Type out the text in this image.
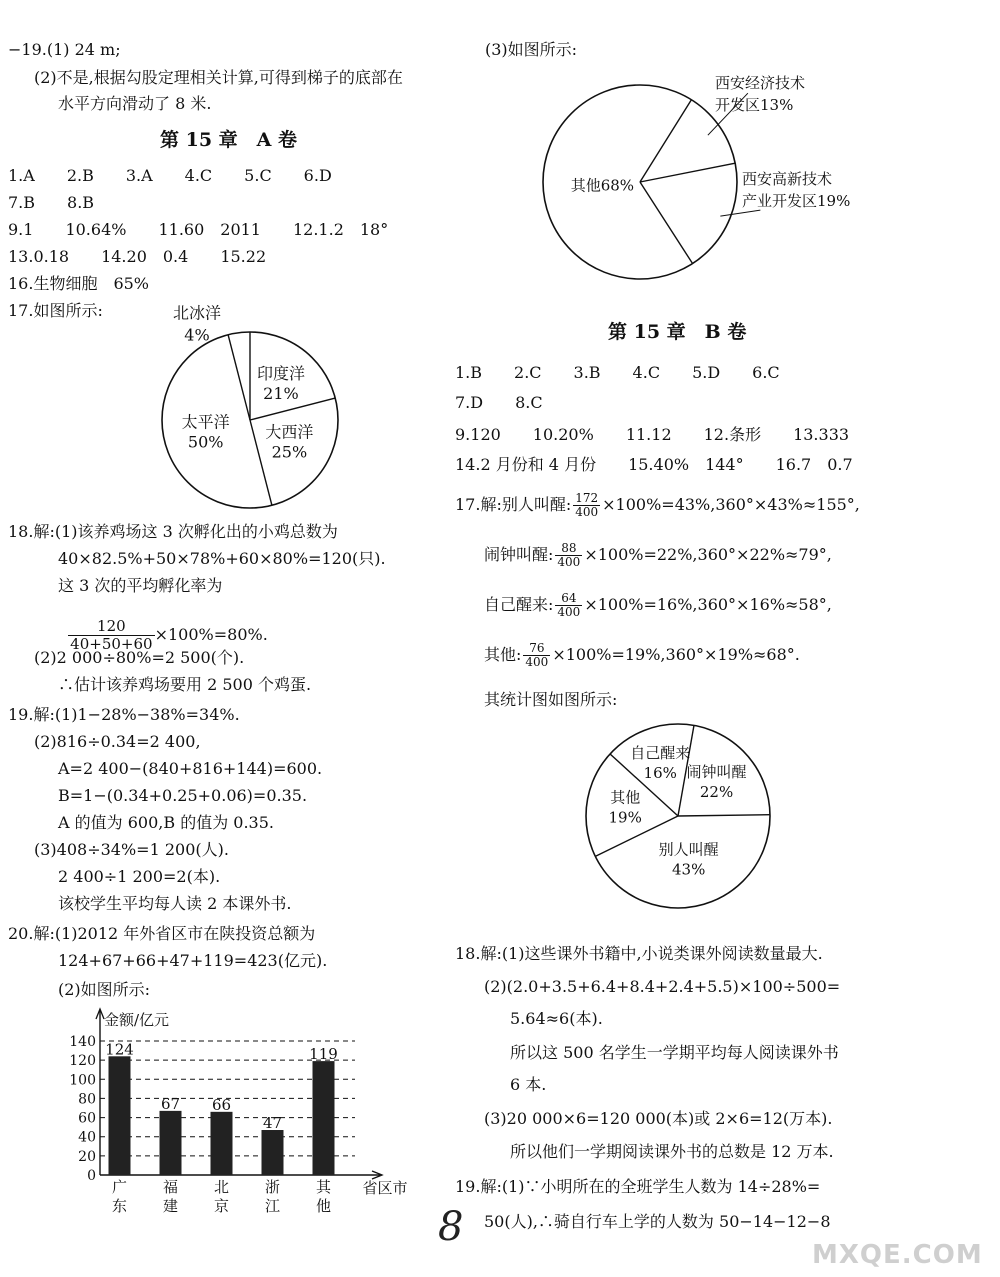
−19.(1) 24 m;
(2)不是,根据勾股定理相关计算,可得到梯子的底部在
水平方向滑动了 8 米.
第 15 章　A 卷
1.A　　2.B　　3.A　　4.C　　5.C　　6.D
7.B　　8.B
9.1　　10.64%　　11.60　2011　　12.1.2　18°
13.0.18　　14.20　0.4　　15.22
16.生物细胞　65%
17.如图所示:
印度洋
21%
大西洋
25%
太平洋
50%
北冰洋
4%
18.解:(1)该养鸡场这 3 次孵化出的小鸡总数为
40×82.5%+50×78%+60×80%=120(只).
这 3 次的平均孵化率为

$\frac{120}{40+50+60} \times 100\%=80\%$.

(2)2 000÷80%=2 500(个).
∴估计该养鸡场要用 2 500 个鸡蛋.
19.解:(1)1−28%−38%=34%.
(2)816÷0.34=2 400,
A=2 400−(840+816+144)=600.
B=1−(0.34+0.25+0.06)=0.35.
A 的值为 600,B 的值为 0.35.
(3)408÷34%=1 200(人).
2 400÷1 200=2(本).
该校学生平均每人读 2 本课外书.
20.解:(1)2012 年外省区市在陕投资总额为
124+67+66+47+119=423(亿元).
(2)如图所示:
0
20
40
60
80
100
120
140
金额/亿元
省区市
124
广
东
67
福
建
66
北
京
47
浙
江
119
其
他
(3)如图所示:
西安经济技术
开发区13%
西安高新技术
产业开发区19%
其他68%
第 15 章　B 卷
1.B　　2.C　　3.B　　4.C　　5.D　　6.C
7.D　　8.C
9.120　　10.20%　　11.12　　12.条形　　13.333
14.2 月份和 4 月份　　15.40%　144°　　16.7　0.7
17.解:别人叫醒: $\frac{172}{400} \times 100\%=43\%,360^\circ\times 43\%\approx 155^\circ$,
闹钟叫醒: $\frac{88}{400} \times 100\%=22\%,360^\circ\times 22\%\approx 79^\circ$,
自己醒来: $\frac{64}{400} \times 100\%=16\%,360^\circ\times 16\%\approx 58^\circ$,
其他: $\frac{76}{400} \times 100\%=19\%,360^\circ\times 19\%\approx 68^\circ$.
其统计图如图所示:
闹钟叫醒
22%
别人叫醒
43%
其他
19%
自己醒来
16%
18.解:(1)这些课外书籍中,小说类课外阅读数量最大.
(2)(2.0+3.5+6.4+8.4+2.4+5.5)×100÷500=
5.64≈6(本).
所以这 500 名学生一学期平均每人阅读课外书
6 本.
(3)20 000×6=120 000(本)或 2×6=12(万本).
所以他们一学期阅读课外书的总数是 12 万本.
19.解:(1)∵小明所在的全班学生人数为 14÷28%=
50(人),∴骑自行车上学的人数为 50−14−12−8
8
MXQE.COM
